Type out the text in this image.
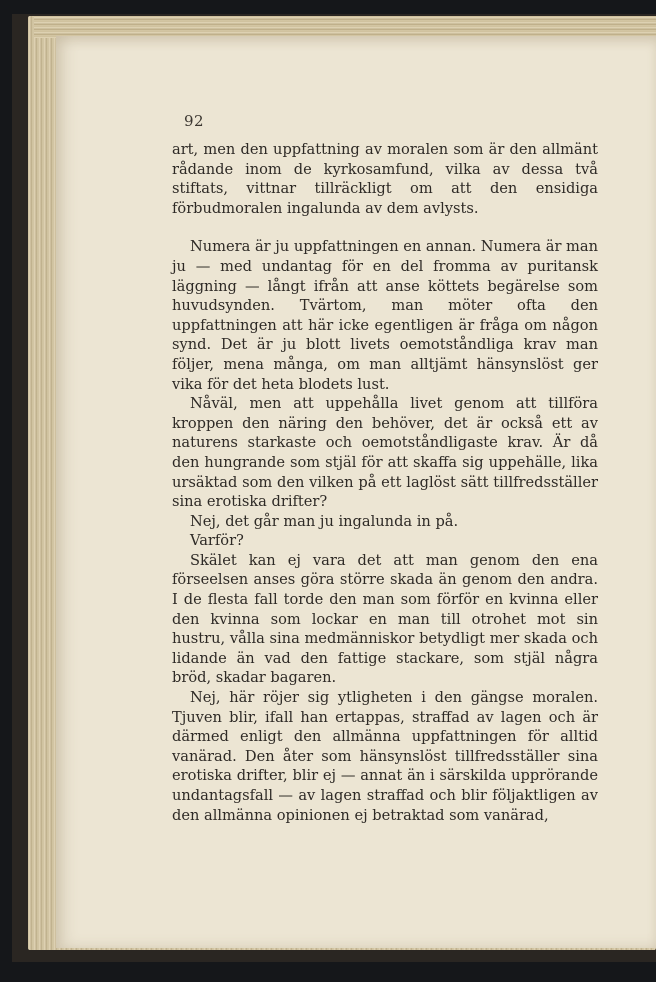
92

art, men den uppfattning av moralen som är den allmänt rådande inom de kyrkosamfund, vilka av dessa två stiftats, vittnar tillräckligt om att den ensidiga förbudmoralen ingalunda av dem avlysts.

Numera är ju uppfattningen en annan. Numera är man ju — med undantag för en del fromma av puritansk läggning — långt ifrån att anse köttets begärelse som huvudsynden. Tvärtom, man möter ofta den uppfattningen att här icke egentligen är fråga om någon synd. Det är ju blott livets oemotståndliga krav man följer, mena många, om man alltjämt hänsynslöst ger vika för det heta blodets lust.

Nåväl, men att uppehålla livet genom att tillföra kroppen den näring den behöver, det är också ett av naturens starkaste och oemotståndligaste krav. Är då den hungrande som stjäl för att skaffa sig uppehälle, lika ursäktad som den vilken på ett laglöst sätt tillfredsställer sina erotiska drifter?

Nej, det går man ju ingalunda in på.

Varför?

Skälet kan ej vara det att man genom den ena förseelsen anses göra större skada än genom den andra. I de flesta fall torde den man som förför en kvinna eller den kvinna som lockar en man till otrohet mot sin hustru, vålla sina medmänniskor betydligt mer skada och lidande än vad den fattige stackare, som stjäl några bröd, skadar bagaren.

Nej, här röjer sig ytligheten i den gängse moralen. Tjuven blir, ifall han ertappas, straffad av lagen och är därmed enligt den allmänna uppfattningen för alltid vanärad. Den åter som hänsynslöst tillfredsställer sina erotiska drifter, blir ej — annat än i särskilda upprörande undantagsfall — av lagen straffad och blir följaktligen av den allmänna opinionen ej betraktad som vanärad,
